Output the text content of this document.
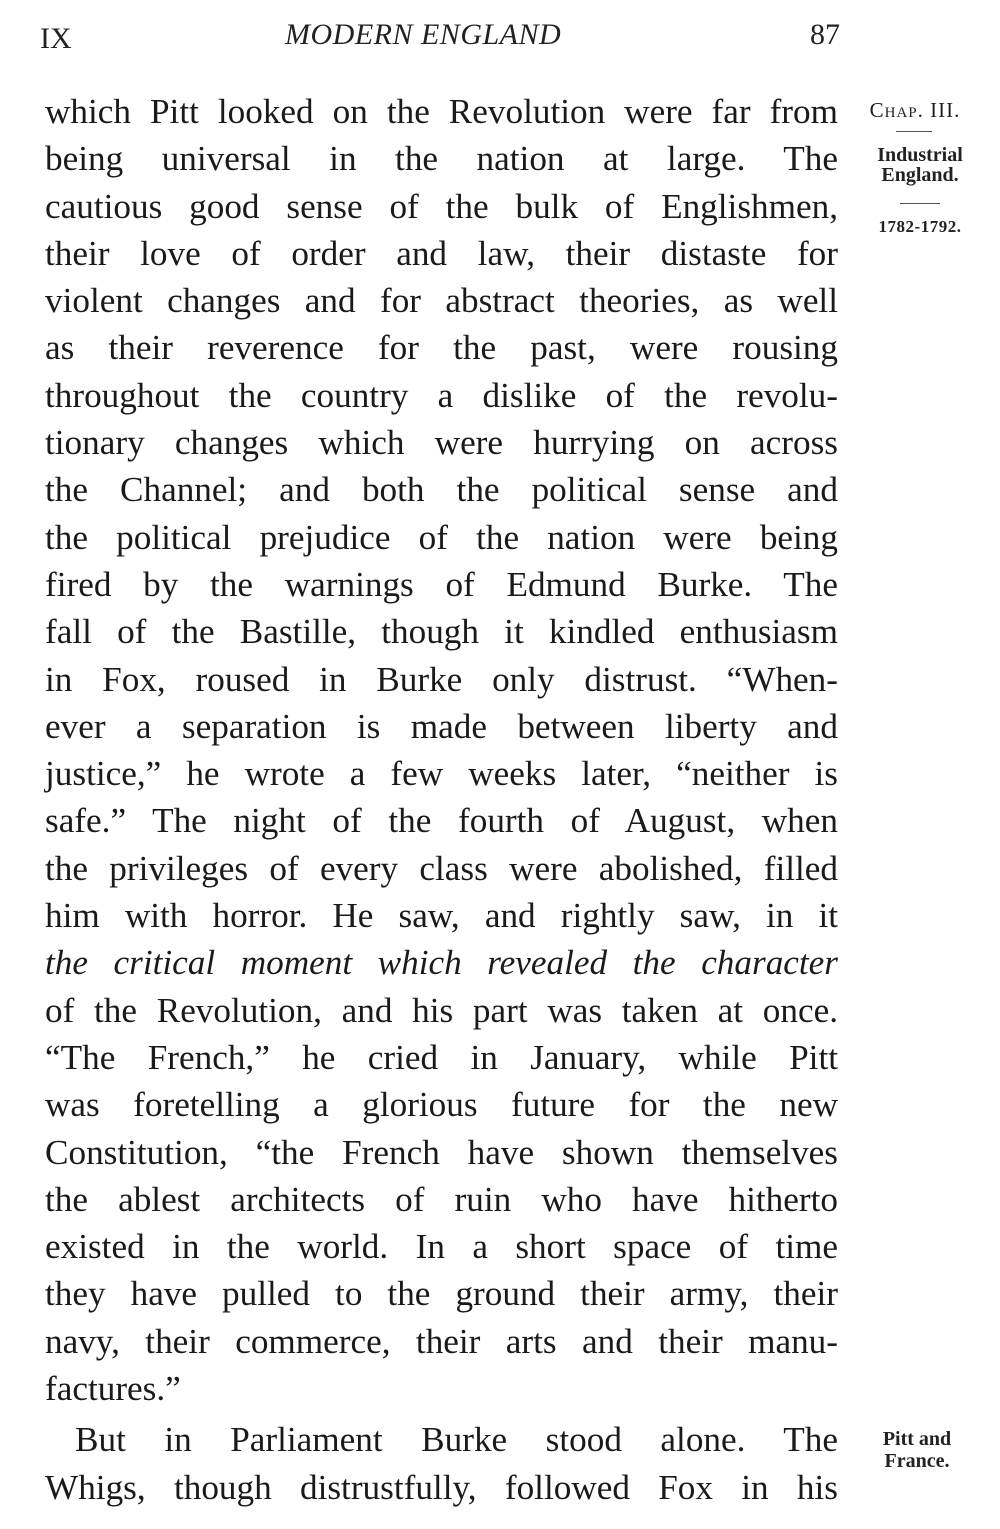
IX	MODERN ENGLAND	87
which Pitt looked on the Revolution were far from
being universal in the nation at large. The
cautious good sense of the bulk of Englishmen,
their love of order and law, their distaste for
violent changes and for abstract theories, as well
as their reverence for the past, were rousing
throughout the country a dislike of the revolu-
tionary changes which were hurrying on across
the Channel; and both the political sense and
the political prejudice of the nation were being
fired by the warnings of Edmund Burke. The
fall of the Bastille, though it kindled enthusiasm
in Fox, roused in Burke only distrust. “When-
ever a separation is made between liberty and
justice,” he wrote a few weeks later, “neither is
safe.” The night of the fourth of August, when
the privileges of every class were abolished, filled
him with horror. He saw, and rightly saw, in it
the critical moment which revealed the character
of the Revolution, and his part was taken at once.
“The French,” he cried in January, while Pitt
was foretelling a glorious future for the new
Constitution, “the French have shown themselves
the ablest architects of ruin who have hitherto
existed in the world. In a short space of time
they have pulled to the ground their army, their
navy, their commerce, their arts and their manu-
factures.”
But in Parliament Burke stood alone. The
Whigs, though distrustfully, followed Fox in his
Chap. III.
Industrial England.
1782-1792.
Pitt and France.
